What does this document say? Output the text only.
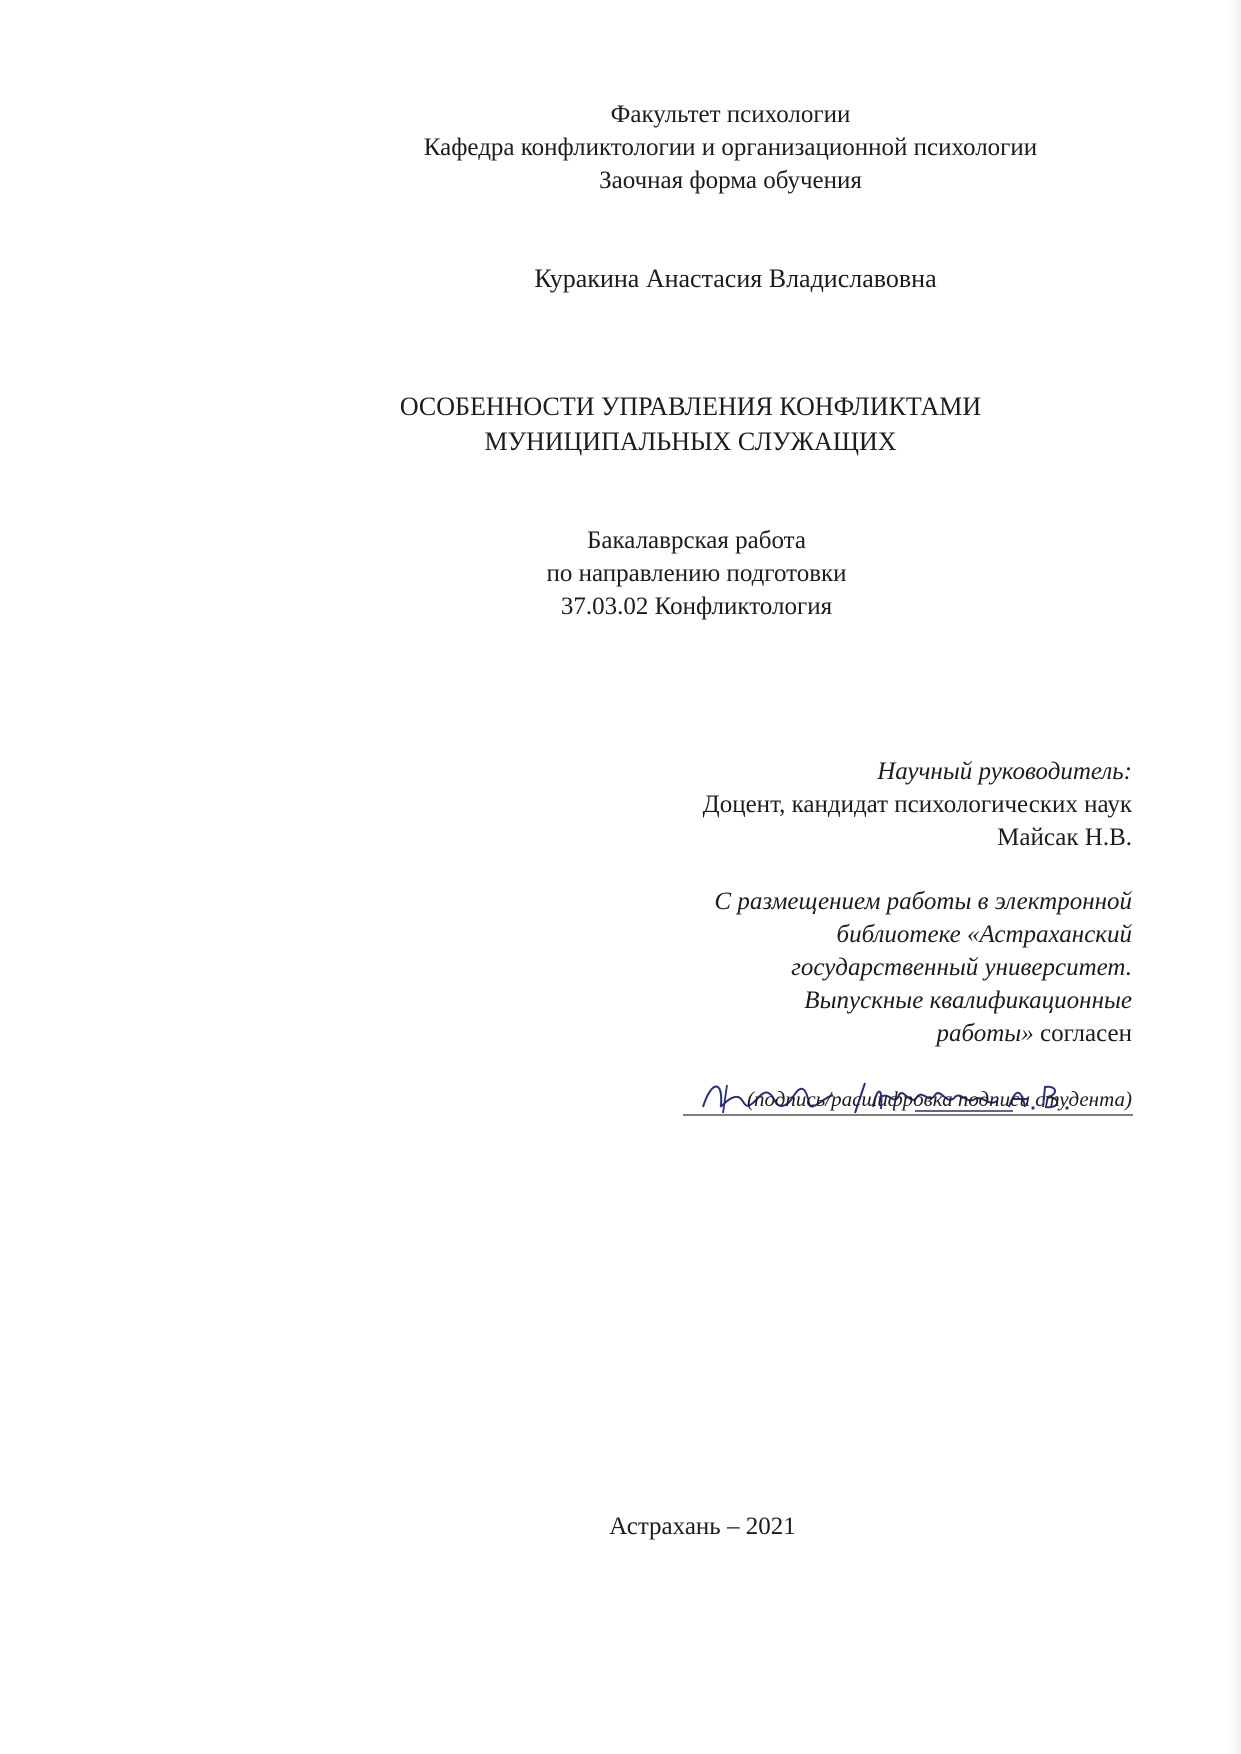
Факультет психологии
Кафедра конфликтологии и организационной психологии
Заочная форма обучения
Куракина Анастасия Владиславовна
ОСОБЕННОСТИ УПРАВЛЕНИЯ КОНФЛИКТАМИ
МУНИЦИПАЛЬНЫХ СЛУЖАЩИХ
Бакалаврская работа
по направлению подготовки
37.03.02 Конфликтология
Научный руководитель:
Доцент, кандидат психологических наук
Майсак Н.В.
С размещением работы в электронной
библиотеке «Астраханский
государственный университет.
Выпускные квалификационные
работы» согласен
(подпись/расшифровка подписи студента)
Астрахань – 2021
